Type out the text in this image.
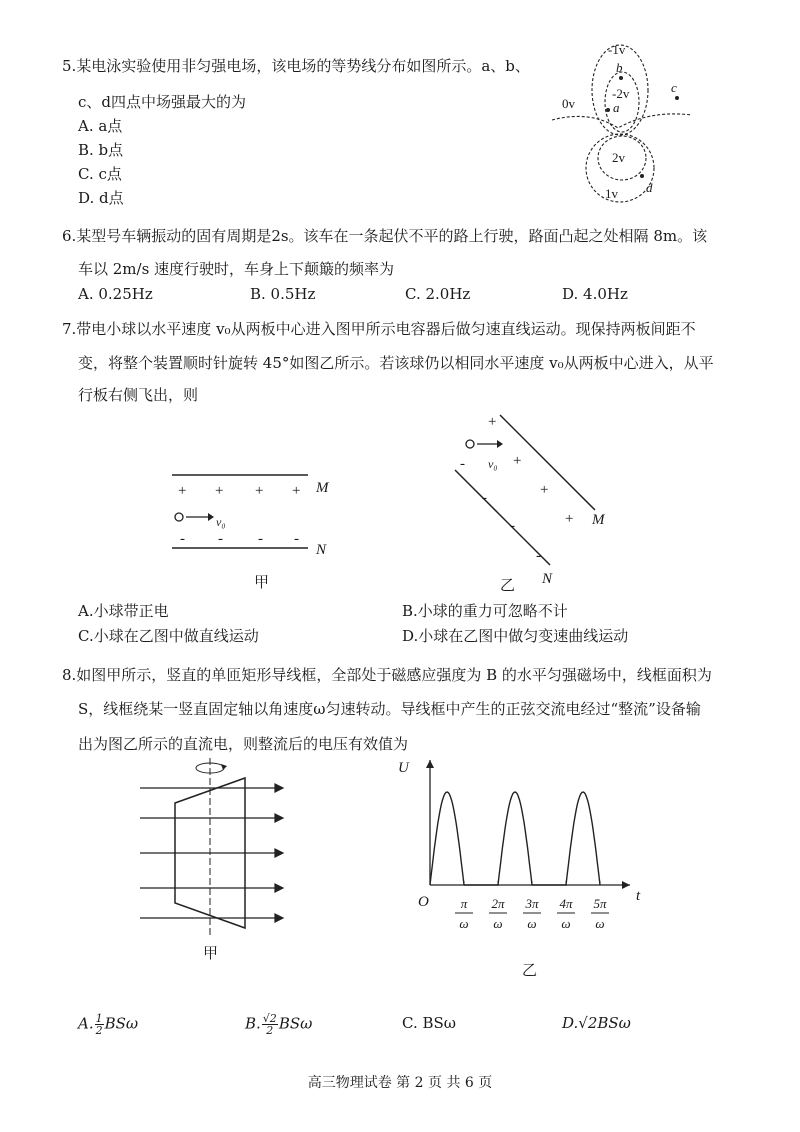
5.某电泳实验使用非匀强电场，该电场的等势线分布如图所示。a、b、
c、d四点中场强最大的为
A. a点
B. b点
C. c点
D. d点
-1v
-2v
0v
2v
1v
a
b
c
d
6.某型号车辆振动的固有周期是2s。该车在一条起伏不平的路上行驶，路面凸起之处相隔 8m。该
车以 2m/s 速度行驶时，车身上下颠簸的频率为
A. 0.25Hz	B. 0.5Hz	C. 2.0Hz	D. 4.0Hz
7.带电小球以水平速度 v₀从两板中心进入图甲所示电容器后做匀速直线运动。现保持两板间距不
变，将整个装置顺时针旋转 45°如图乙所示。若该球仍以相同水平速度 v₀从两板中心进入，从平
行板右侧飞出，则
+ + + +
- - - -
M
N
v₀
甲
+
+
+
+
-
-
-
-
M
N
v₀
乙
A.小球带正电	B.小球的重力可忽略不计
C.小球在乙图中做直线运动	D.小球在乙图中做匀变速曲线运动
8.如图甲所示，竖直的单匝矩形导线框，全部处于磁感应强度为 B 的水平匀强磁场中，线框面积为
S，线框绕某一竖直固定轴以角速度ω匀速转动。导线框中产生的正弦交流电经过“整流”设备输
出为图乙所示的直流电，则整流后的电压有效值为
甲
U
t
O π
ω
2π
ω
3π
ω
4π
ω
5π
ω
乙
A. $\frac{1}{2}$ BSω	B. $\frac{√2}{2}$ BSω	C. BSω	D.√2BSω
高三物理试卷 第 2 页 共 6 页
